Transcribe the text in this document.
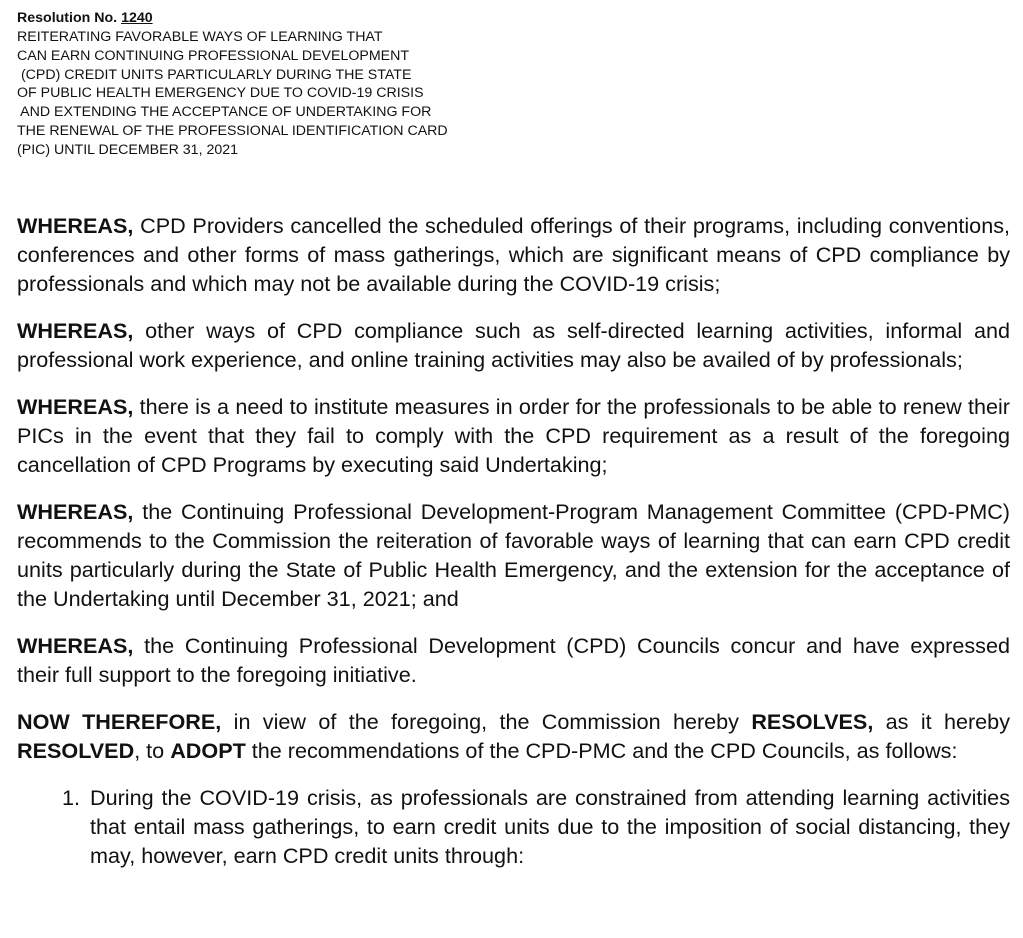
Resolution No. 1240
REITERATING FAVORABLE WAYS OF LEARNING THAT
CAN EARN CONTINUING PROFESSIONAL DEVELOPMENT
(CPD) CREDIT UNITS PARTICULARLY DURING THE STATE
OF PUBLIC HEALTH EMERGENCY DUE TO COVID-19 CRISIS
AND EXTENDING THE ACCEPTANCE OF UNDERTAKING FOR
THE RENEWAL OF THE PROFESSIONAL IDENTIFICATION CARD
(PIC) UNTIL DECEMBER 31, 2021

WHEREAS, CPD Providers cancelled the scheduled offerings of their programs, including conventions, conferences and other forms of mass gatherings, which are significant means of CPD compliance by professionals and which may not be available during the COVID-19 crisis;

WHEREAS, other ways of CPD compliance such as self-directed learning activities, informal and professional work experience, and online training activities may also be availed of by professionals;

WHEREAS, there is a need to institute measures in order for the professionals to be able to renew their PICs in the event that they fail to comply with the CPD requirement as a result of the foregoing cancellation of CPD Programs by executing said Undertaking;

WHEREAS, the Continuing Professional Development-Program Management Committee (CPD-PMC) recommends to the Commission the reiteration of favorable ways of learning that can earn CPD credit units particularly during the State of Public Health Emergency, and the extension for the acceptance of the Undertaking until December 31, 2021; and

WHEREAS, the Continuing Professional Development (CPD) Councils concur and have expressed their full support to the foregoing initiative.

NOW THEREFORE, in view of the foregoing, the Commission hereby RESOLVES, as it hereby RESOLVED, to ADOPT the recommendations of the CPD-PMC and the CPD Councils, as follows:

1. During the COVID-19 crisis, as professionals are constrained from attending learning activities that entail mass gatherings, to earn credit units due to the imposition of social distancing, they may, however, earn CPD credit units through:
